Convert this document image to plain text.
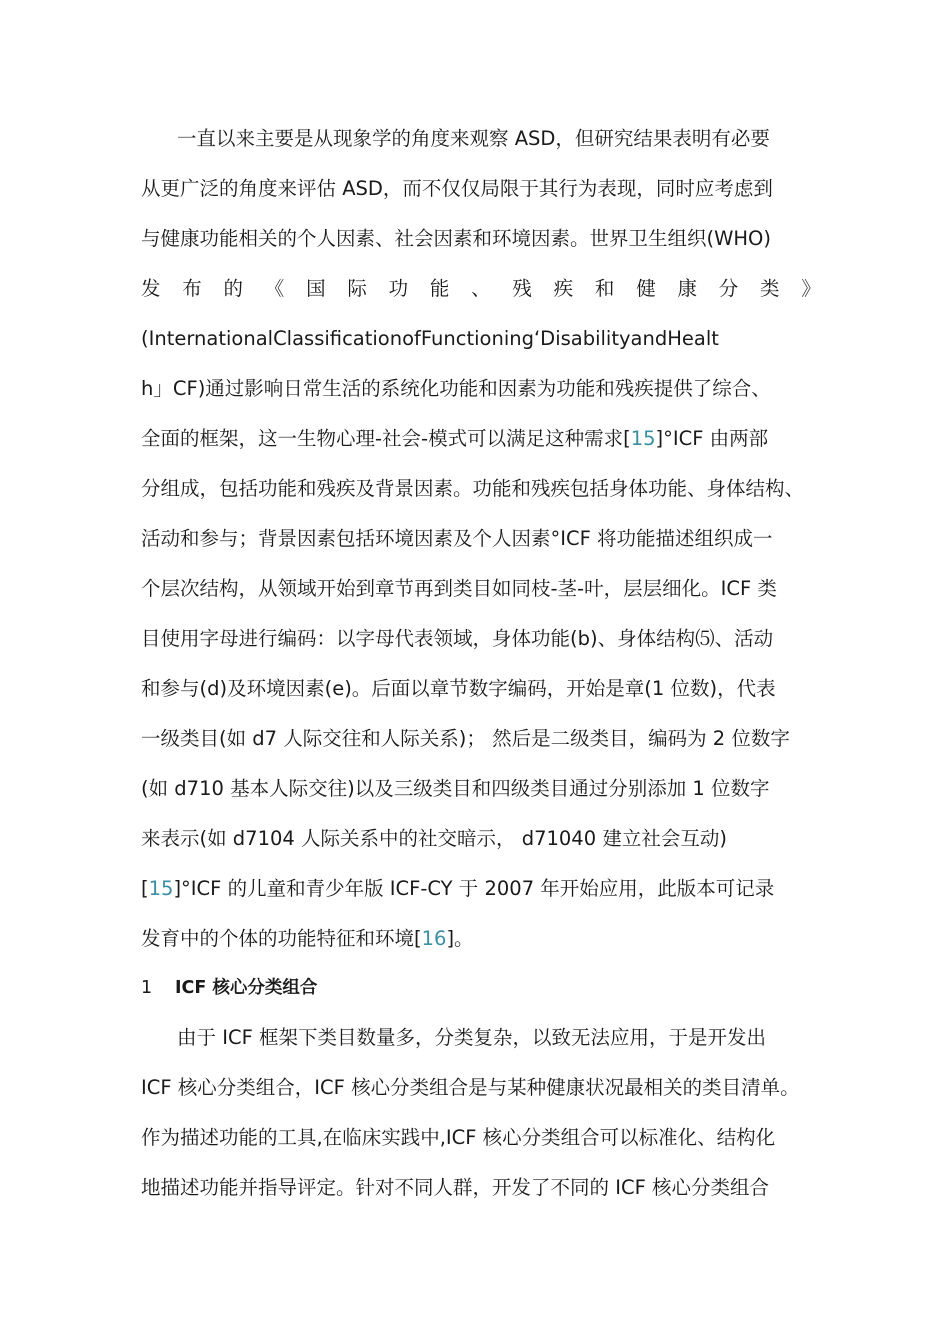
一直以来主要是从现象学的角度来观察 ASD，但研究结果表明有必要
从更广泛的角度来评估 ASD，而不仅仅局限于其行为表现，同时应考虑到
与健康功能相关的个人因素、社会因素和环境因素。世界卫生组织(WHO)
发 布 的 《 国 际 功 能 、 残 疾 和 健 康 分 类 》
(InternationalClassificationofFunctioning‘DisabilityandHealt
h」CF)通过影响日常生活的系统化功能和因素为功能和残疾提供了综合、
全面的框架，这一生物心理-社会-模式可以满足这种需求[15]°ICF 由两部
分组成，包括功能和残疾及背景因素。功能和残疾包括身体功能、身体结构、
活动和参与；背景因素包括环境因素及个人因素°ICF 将功能描述组织成一
个层次结构，从领域开始到章节再到类目如同枝-茎-叶，层层细化。ICF 类
目使用字母进行编码：以字母代表领域，身体功能(b)、身体结构⑸、活动
和参与(d)及环境因素(e)。后面以章节数字编码，开始是章(1 位数)，代表
一级类目(如 d7 人际交往和人际关系)； 然后是二级类目，编码为 2 位数字
(如 d710 基本人际交往)以及三级类目和四级类目通过分别添加 1 位数字
来表示(如 d7104 人际关系中的社交暗示， d71040 建立社会互动)
[15]°ICF 的儿童和青少年版 ICF-CY 于 2007 年开始应用，此版本可记录
发育中的个体的功能特征和环境[16]。
1 ICF 核心分类组合
由于 ICF 框架下类目数量多，分类复杂，以致无法应用，于是开发出
ICF 核心分类组合，ICF 核心分类组合是与某种健康状况最相关的类目清单。
作为描述功能的工具,在临床实践中,ICF 核心分类组合可以标准化、结构化
地描述功能并指导评定。针对不同人群，开发了不同的 ICF 核心分类组合
